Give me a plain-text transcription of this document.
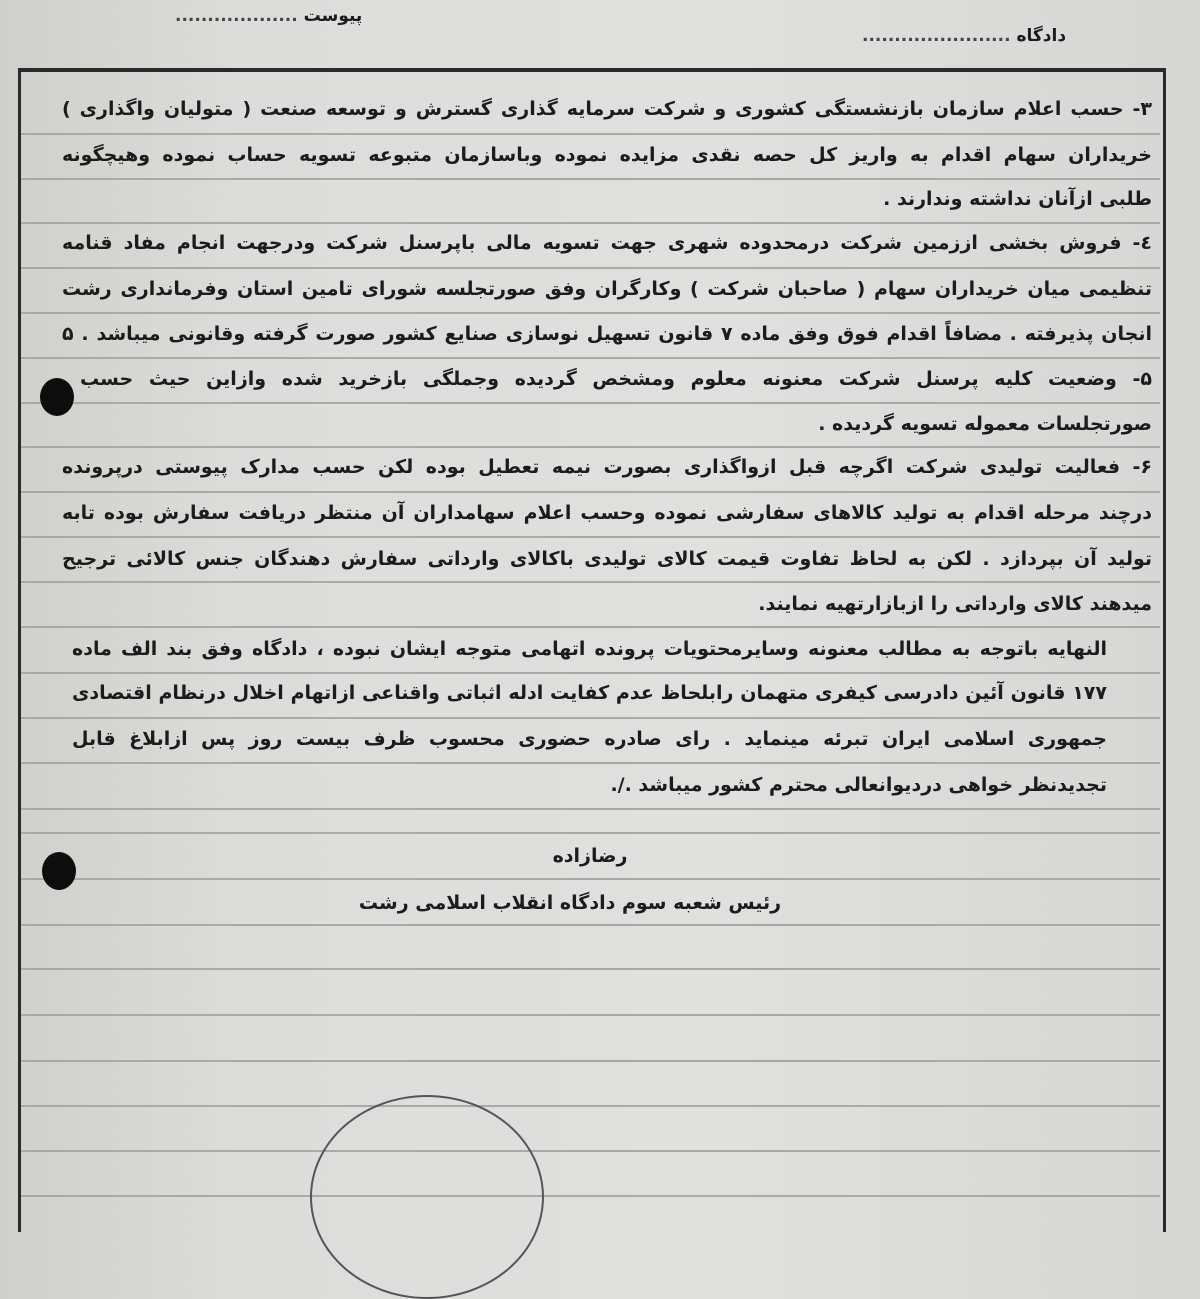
پیوست ...................
دادگاه .......................
۳- حسب اعلام سازمان بازنشستگی کشوری و شرکت سرمایه گذاری گسترش و توسعه صنعت ( متولیان واگذاری )
خریداران سهام اقدام به واریز کل حصه نقدی مزایده نموده وباسازمان متبوعه تسویه حساب نموده وهیچگونه
طلبی ازآنان نداشته وندارند .
٤- فروش بخشی اززمین شرکت درمحدوده شهری جهت تسویه مالی باپرسنل شرکت ودرجهت انجام مفاد قنامه
تنظیمی میان خریداران سهام ( صاحبان شرکت ) وکارگران وفق صورتجلسه شورای تامین استان وفرمانداری رشت
انجان پذیرفته . مضافاً اقدام فوق وفق ماده ۷ قانون تسهیل نوسازی صنایع کشور صورت گرفته وقانونی میباشد . ۵
۵- وضعیت کلیه پرسنل شرکت معنونه معلوم ومشخص گردیده وجملگی بازخرید شده وازاین حیث حسب
صورتجلسات معموله تسویه گردیده .
۶- فعالیت تولیدی شرکت اگرچه قبل ازواگذاری بصورت نیمه تعطیل بوده لکن حسب مدارک پیوستی درپرونده
درچند مرحله اقدام به تولید کالاهای سفارشی نموده وحسب اعلام سهامداران آن منتظر دریافت سفارش بوده تابه
تولید آن بپردازد . لکن به لحاظ تفاوت قیمت کالای تولیدی باکالای وارداتی سفارش دهندگان جنس کالائی ترجیح
میدهند کالای وارداتی را ازبازارتهیه نمایند.
النهایه باتوجه به مطالب معنونه وسایرمحتویات پرونده اتهامی متوجه ایشان نبوده ، دادگاه وفق بند الف ماده
۱۷۷ قانون آئین دادرسی کیفری متهمان رابلحاظ عدم کفایت ادله اثباتی واقناعی ازاتهام اخلال درنظام اقتصادی
جمهوری اسلامی ایران تبرئه مینماید . رای صادره حضوری محسوب ظرف بیست روز پس ازابلاغ قابل
تجدیدنظر خواهی دردیوانعالی محترم کشور میباشد ./.
رضازاده
رئیس شعبه سوم دادگاه انقلاب اسلامی رشت
